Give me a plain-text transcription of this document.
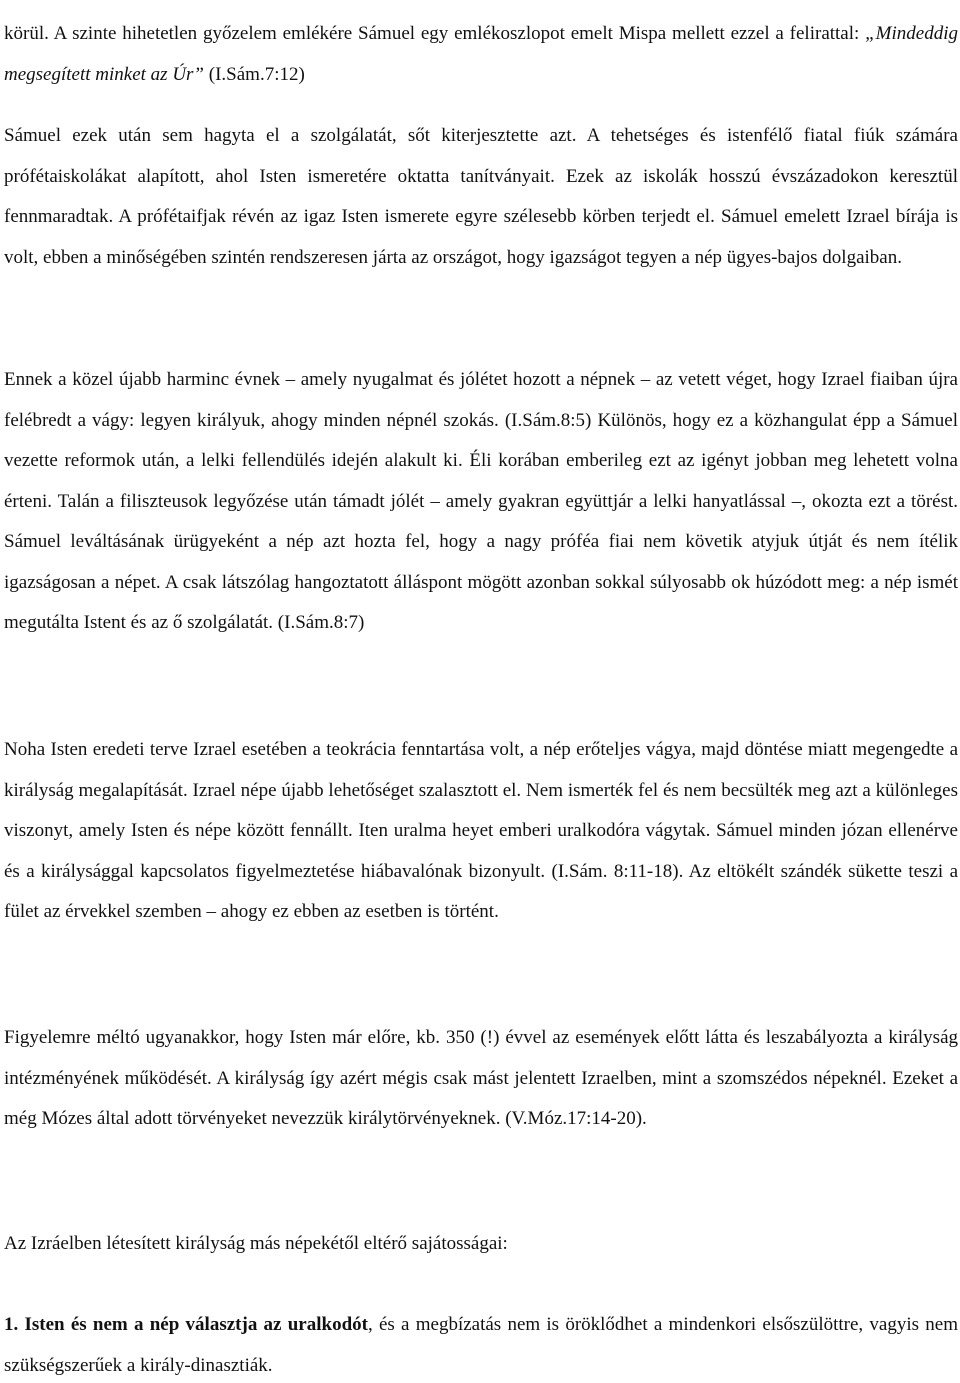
körül. A szinte hihetetlen győzelem emlékére Sámuel egy emlékoszlopot emelt Mispa mellett ezzel a felirattal: „Mindeddig megsegített minket az Úr” (I.Sám.7:12)

Sámuel ezek után sem hagyta el a szolgálatát, sőt kiterjesztette azt. A tehetséges és istenfélő fiatal fiúk számára prófétaiskolákat alapított, ahol Isten ismeretére oktatta tanítványait. Ezek az iskolák hosszú évszázadokon keresztül fennmaradtak. A prófétaifjak révén az igaz Isten ismerete egyre szélesebb körben terjedt el. Sámuel emelett Izrael bírája is volt, ebben a minőségében szintén rendszeresen járta az országot, hogy igazságot tegyen a nép ügyes-bajos dolgaiban.

Ennek a közel újabb harminc évnek – amely nyugalmat és jólétet hozott a népnek – az vetett véget, hogy Izrael fiaiban újra felébredt a vágy: legyen királyuk, ahogy minden népnél szokás. (I.Sám.8:5) Különös, hogy ez a közhangulat épp a Sámuel vezette reformok után, a lelki fellendülés idején alakult ki. Éli korában emberileg ezt az igényt jobban meg lehetett volna érteni. Talán a filiszteusok legyőzése után támadt jólét – amely gyakran együttjár a lelki hanyatlással –, okozta ezt a törést. Sámuel leváltásának ürügyeként a nép azt hozta fel, hogy a nagy próféa fiai nem követik atyjuk útját és nem ítélik igazságosan a népet. A csak látszólag hangoztatott álláspont mögött azonban sokkal súlyosabb ok húzódott meg: a nép ismét megutálta Istent és az ő szolgálatát. (I.Sám.8:7)

Noha Isten eredeti terve Izrael esetében a teokrácia fenntartása volt, a nép erőteljes vágya, majd döntése miatt megengedte a királyság megalapítását. Izrael népe újabb lehetőséget szalasztott el. Nem ismerték fel és nem becsülték meg azt a különleges viszonyt, amely Isten és népe között fennállt. Iten uralma heyet emberi uralkodóra vágytak. Sámuel minden józan ellenérve és a királysággal kapcsolatos figyelmeztetése hiábavalónak bizonyult. (I.Sám. 8:11-18). Az eltökélt szándék sükette teszi a fület az érvekkel szemben – ahogy ez ebben az esetben is történt.

Figyelemre méltó ugyanakkor, hogy Isten már előre, kb. 350 (!) évvel az események előtt látta és leszabályozta a királyság intézményének működését. A királyság így azért mégis csak mást jelentett Izraelben, mint a szomszédos népeknél. Ezeket a még Mózes által adott törvényeket nevezzük királytörvényeknek. (V.Móz.17:14-20).

Az Izráelben létesített királyság más népekétől eltérő sajátosságai:

1. Isten és nem a nép választja az uralkodót, és a megbízatás nem is öröklődhet a mindenkori elsőszülöttre, vagyis nem szükségszerűek a király-dinasztiák.
